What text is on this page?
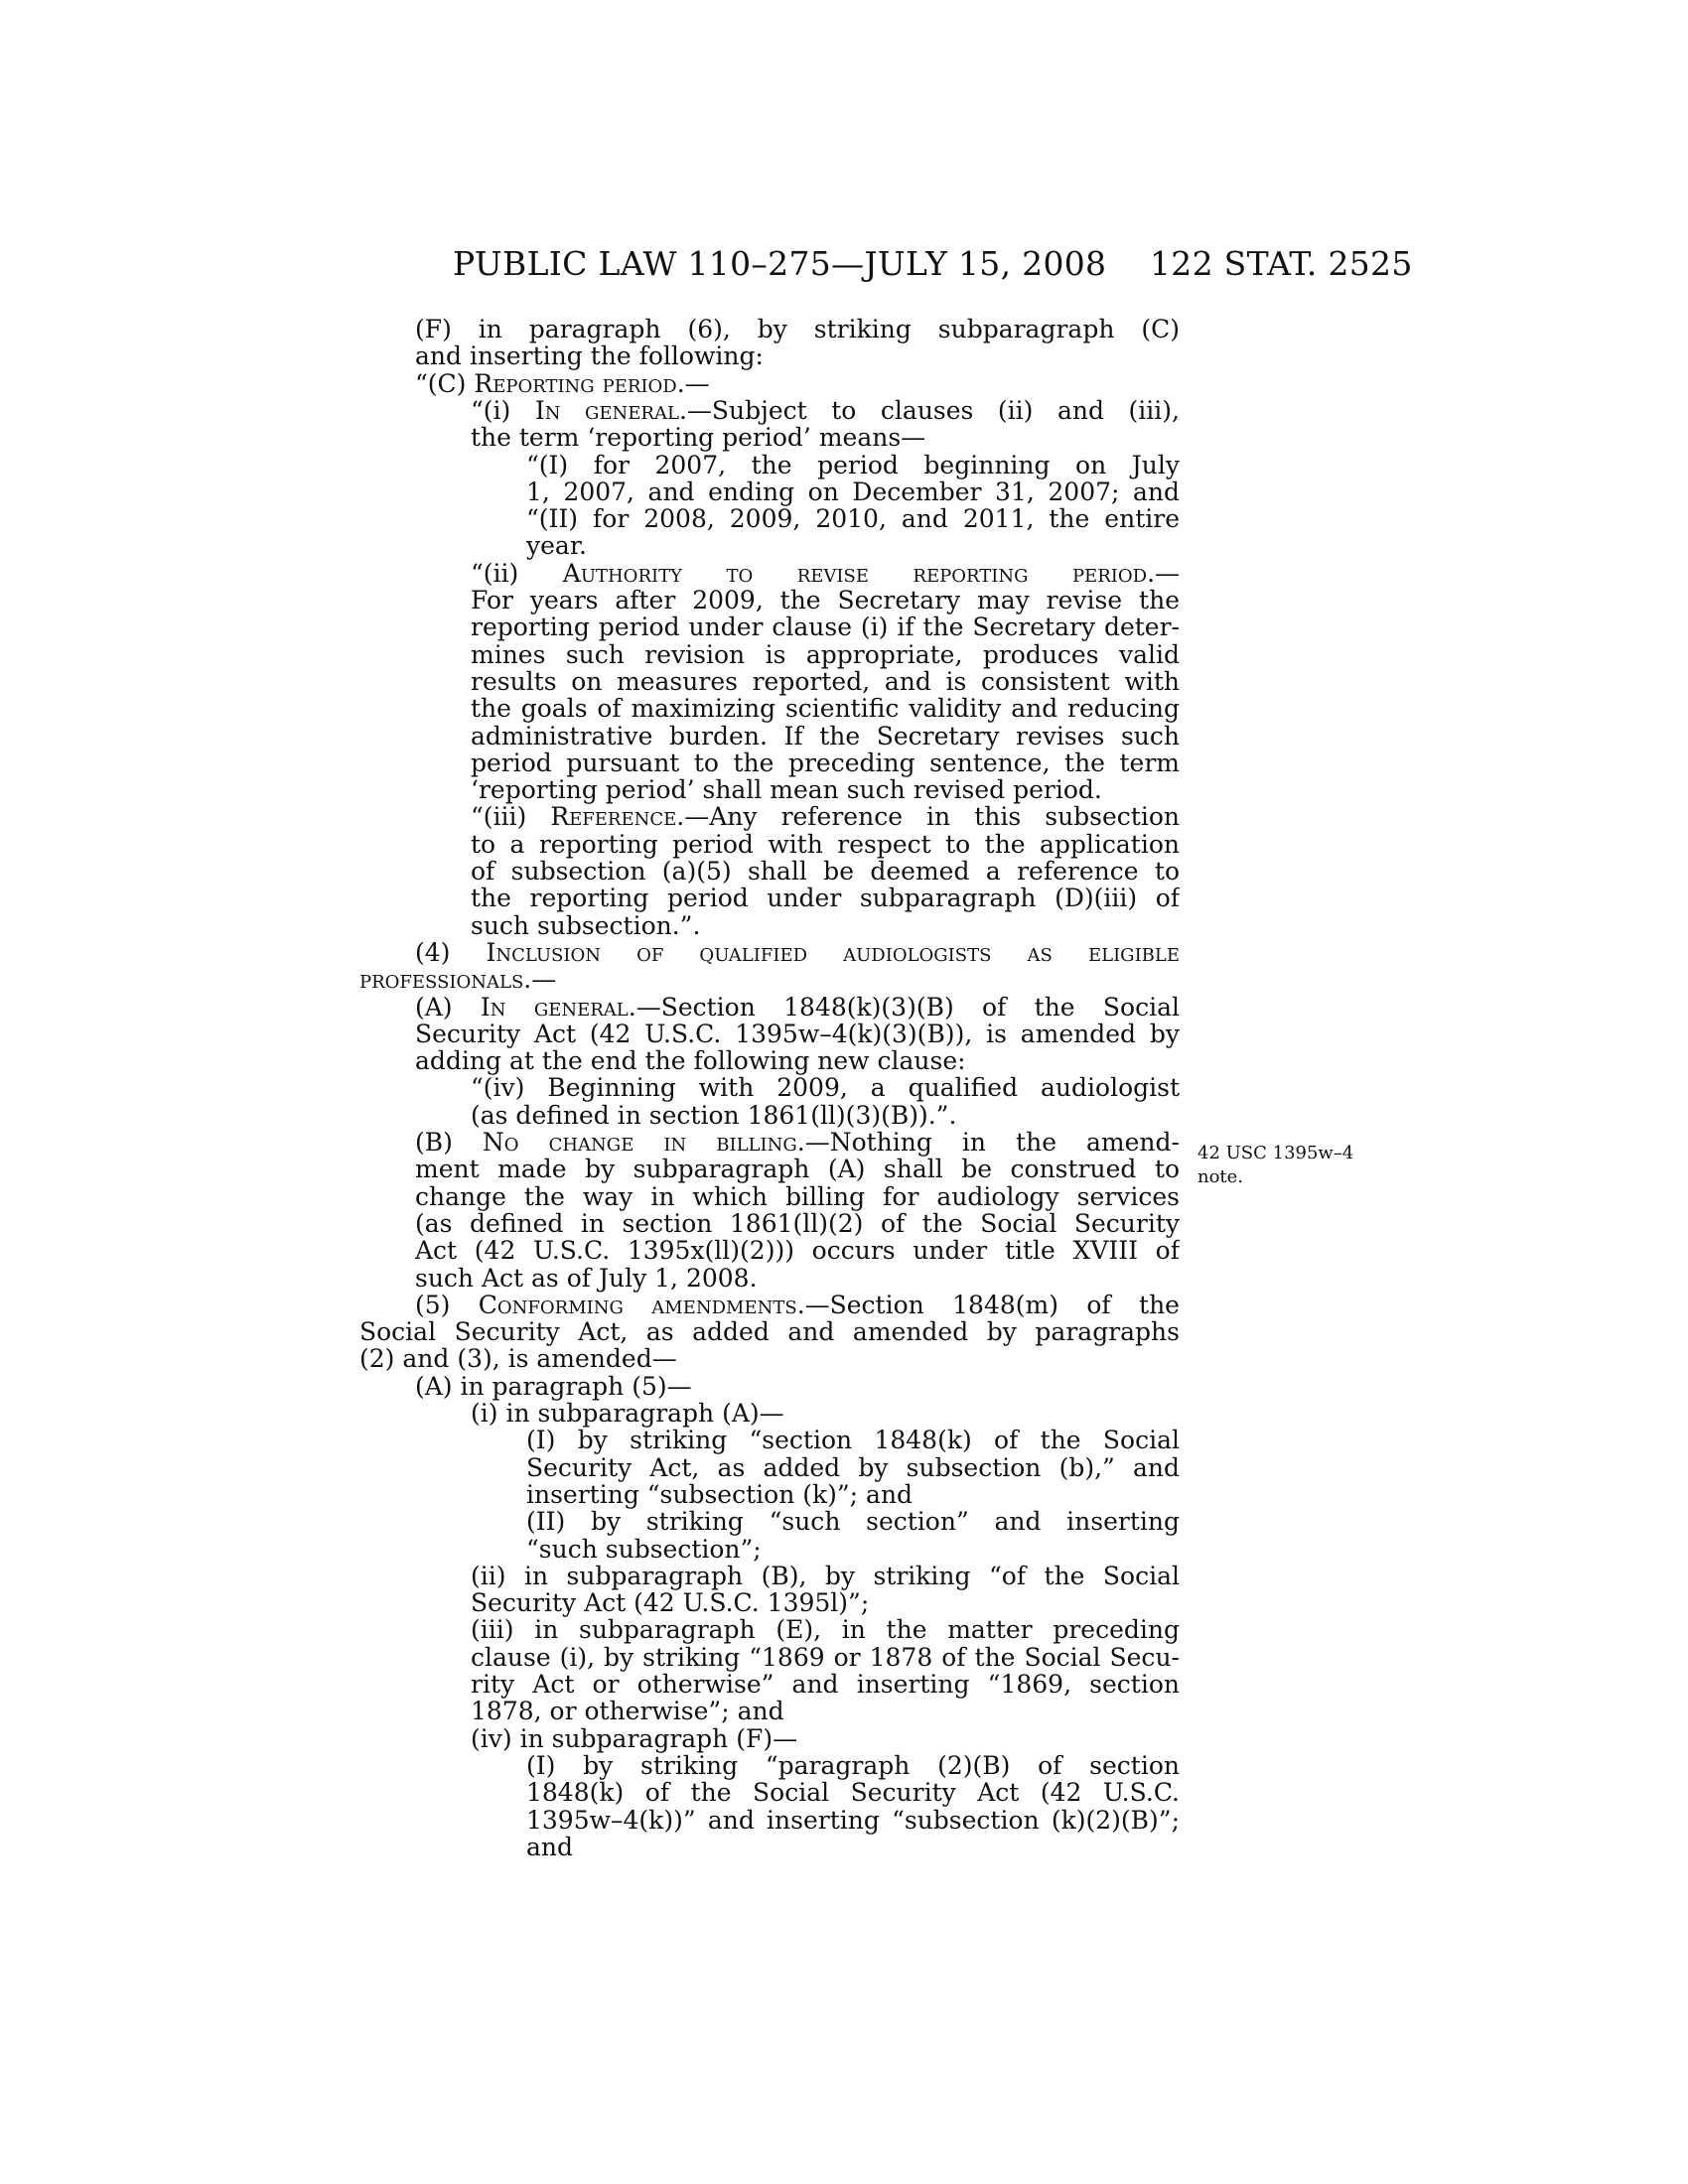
PUBLIC LAW 110–275—JULY 15, 2008 122 STAT. 2525
(F) in paragraph (6), by striking subparagraph (C)
and inserting the following:
“(C) Reporting period.—
“(i) In general.—Subject to clauses (ii) and (iii),
the term ‘reporting period’ means—
“(I) for 2007, the period beginning on July
1, 2007, and ending on December 31, 2007; and
“(II) for 2008, 2009, 2010, and 2011, the entire
year.
“(ii) Authority to revise reporting period.—
For years after 2009, the Secretary may revise the
reporting period under clause (i) if the Secretary deter-
mines such revision is appropriate, produces valid
results on measures reported, and is consistent with
the goals of maximizing scientific validity and reducing
administrative burden. If the Secretary revises such
period pursuant to the preceding sentence, the term
‘reporting period’ shall mean such revised period.
“(iii) Reference.—Any reference in this subsection
to a reporting period with respect to the application
of subsection (a)(5) shall be deemed a reference to
the reporting period under subparagraph (D)(iii) of
such subsection.”.
(4) Inclusion of qualified audiologists as eligible
professionals.—
(A) In general.—Section 1848(k)(3)(B) of the Social
Security Act (42 U.S.C. 1395w–4(k)(3)(B)), is amended by
adding at the end the following new clause:
“(iv) Beginning with 2009, a qualified audiologist
(as defined in section 1861(ll)(3)(B)).”.
(B) No change in billing.—Nothing in the amend-
ment made by subparagraph (A) shall be construed to
change the way in which billing for audiology services
(as defined in section 1861(ll)(2) of the Social Security
Act (42 U.S.C. 1395x(ll)(2))) occurs under title XVIII of
such Act as of July 1, 2008.
(5) Conforming amendments.—Section 1848(m) of the
Social Security Act, as added and amended by paragraphs
(2) and (3), is amended—
(A) in paragraph (5)—
(i) in subparagraph (A)—
(I) by striking “section 1848(k) of the Social
Security Act, as added by subsection (b),” and
inserting “subsection (k)”; and
(II) by striking “such section” and inserting
“such subsection”;
(ii) in subparagraph (B), by striking “of the Social
Security Act (42 U.S.C. 1395l)”;
(iii) in subparagraph (E), in the matter preceding
clause (i), by striking “1869 or 1878 of the Social Secu-
rity Act or otherwise” and inserting “1869, section
1878, or otherwise”; and
(iv) in subparagraph (F)—
(I) by striking “paragraph (2)(B) of section
1848(k) of the Social Security Act (42 U.S.C.
1395w–4(k))” and inserting “subsection (k)(2)(B)”;
and
42 USC 1395w–4
note.
